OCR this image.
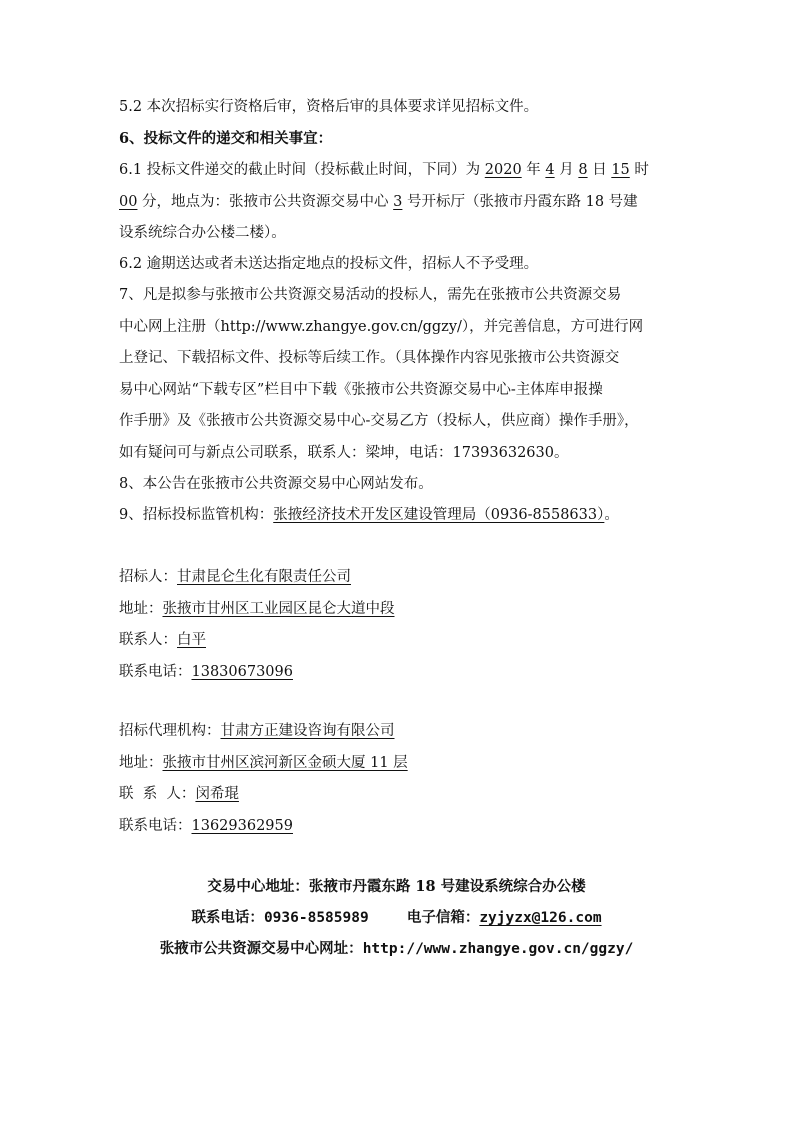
5.2 本次招标实行资格后审，资格后审的具体要求详见招标文件。
6、投标文件的递交和相关事宜：
6.1 投标文件递交的截止时间（投标截止时间，下同）为 2020 年 4 月 8 日 15 时
00 分，地点为：张掖市公共资源交易中心 3 号开标厅（张掖市丹霞东路 18 号建
设系统综合办公楼二楼）。
6.2 逾期送达或者未送达指定地点的投标文件，招标人不予受理。
7、凡是拟参与张掖市公共资源交易活动的投标人，需先在张掖市公共资源交易
中心网上注册（http://www.zhangye.gov.cn/ggzy/），并完善信息，方可进行网
上登记、下载招标文件、投标等后续工作。（具体操作内容见张掖市公共资源交
易中心网站“下载专区”栏目中下载《张掖市公共资源交易中心-主体库申报操
作手册》及《张掖市公共资源交易中心-交易乙方（投标人，供应商）操作手册》，
如有疑问可与新点公司联系，联系人：梁坤，电话：17393632630。
8、本公告在张掖市公共资源交易中心网站发布。
9、招标投标监管机构：张掖经济技术开发区建设管理局（0936-8558633）。
招标人：甘肃昆仑生化有限责任公司
地址：张掖市甘州区工业园区昆仑大道中段
联系人：白平
联系电话：13830673096
招标代理机构：甘肃方正建设咨询有限公司
地址：张掖市甘州区滨河新区金硕大厦 11 层
联  系  人：闵希琨
联系电话：13629362959
交易中心地址：张掖市丹霞东路 18 号建设系统综合办公楼
联系电话：0936-8585989	电子信箱：zyjyzx@126.com
张掖市公共资源交易中心网址：http://www.zhangye.gov.cn/ggzy/
